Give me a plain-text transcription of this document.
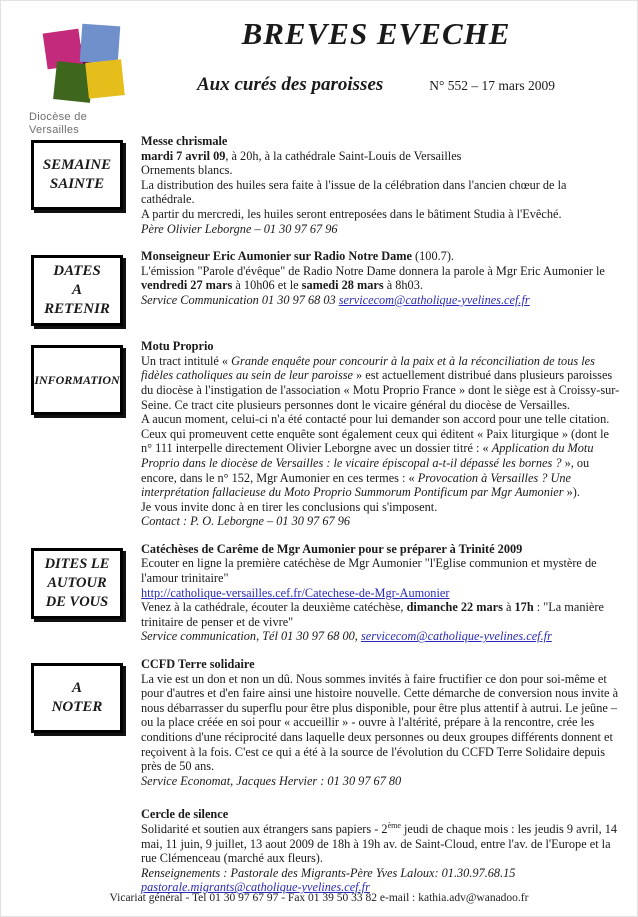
Diocèse de
Versailles
BREVES EVECHE
Aux curés des paroisses	N° 552 – 17 mars 2009
SEMAINE
SAINTE

Messe chrismale

mardi 7 avril 09, à 20h, à la cathédrale Saint-Louis de Versailles

Ornements blancs.

La distribution des huiles sera faite à l'issue de la célébration dans l'ancien chœur de la cathédrale.

A partir du mercredi, les huiles seront entreposées dans le bâtiment Studia à l'Evêché.

Père Olivier Leborgne – 01 30 97 67 96

DATES
A
RETENIR

Monseigneur Eric Aumonier sur Radio Notre Dame (100.7).

L'émission "Parole d'évêque" de Radio Notre Dame donnera la parole à Mgr Eric Aumonier le vendredi 27 mars à 10h06 et le samedi 28 mars à 8h03.

Service Communication 01 30 97 68 03 servicecom@catholique-yvelines.cef.fr

INFORMATION

Motu Proprio

Un tract intitulé « Grande enquête pour concourir à la paix et à la réconciliation de tous les fidèles catholiques au sein de leur paroisse » est actuellement distribué dans plusieurs paroisses du diocèse à l'instigation de l'association « Motu Proprio France » dont le siège est à Croissy-sur-Seine. Ce tract cite plusieurs personnes dont le vicaire général du diocèse de Versailles.

A aucun moment, celui-ci n'a été contacté pour lui demander son accord pour une telle citation. Ceux qui promeuvent cette enquête sont également ceux qui éditent « Paix liturgique » (dont le n° 111 interpelle directement Olivier Leborgne avec un dossier titré : « Application du Motu Proprio dans le diocèse de Versailles : le vicaire épiscopal a-t-il dépassé les bornes ? », ou encore, dans le n° 152, Mgr Aumonier en ces termes : « Provocation à Versailles ? Une interprétation fallacieuse du Moto Proprio Summorum Pontificum par Mgr Aumonier »).

Je vous invite donc à en tirer les conclusions qui s'imposent.

Contact : P. O. Leborgne – 01 30 97 67 96

DITES LE
AUTOUR
DE VOUS

Catéchèses de Carême de Mgr Aumonier pour se préparer à Trinité 2009

Ecouter en ligne la première catéchèse de Mgr Aumonier "l'Eglise communion et mystère de l'amour trinitaire"

http://catholique-versailles.cef.fr/Catechese-de-Mgr-Aumonier

Venez à la cathédrale, écouter la deuxième catéchèse, dimanche 22 mars à 17h : "La manière trinitaire de penser et de vivre"

Service communication, Tél 01 30 97 68 00, servicecom@catholique-yvelines.cef.fr

A
NOTER

CCFD Terre solidaire

La vie est un don et non un dû. Nous sommes invités à faire fructifier ce don pour soi-même et pour d'autres et d'en faire ainsi une histoire nouvelle. Cette démarche de conversion nous invite à nous débarrasser du superflu pour être plus disponible, pour être plus attentif à autrui. Le jeûne – ou la place créée en soi pour « accueillir » - ouvre à l'altérité, prépare à la rencontre, crée les conditions d'une réciprocité dans laquelle deux personnes ou deux groupes différents donnent et reçoivent à la fois. C'est ce qui a été à la source de l'évolution du CCFD Terre Solidaire depuis près de 50 ans.

Service Economat, Jacques Hervier : 01 30 97 67 80

Cercle de silence

Solidarité et soutien aux étrangers sans papiers - 2ème jeudi de chaque mois : les jeudis 9 avril, 14 mai, 11 juin, 9 juillet, 13 aout 2009 de 18h à 19h av. de Saint-Cloud, entre l'av. de l'Europe et la rue Clémenceau (marché aux fleurs).

Renseignements : Pastorale des Migrants-Père Yves Laloux: 01.30.97.68.15

pastorale.migrants@catholique-yvelines.cef.fr

Vicariat général - Tel 01 30 97 67 97 - Fax 01 39 50 33 82 e-mail : kathia.adv@wanadoo.fr
